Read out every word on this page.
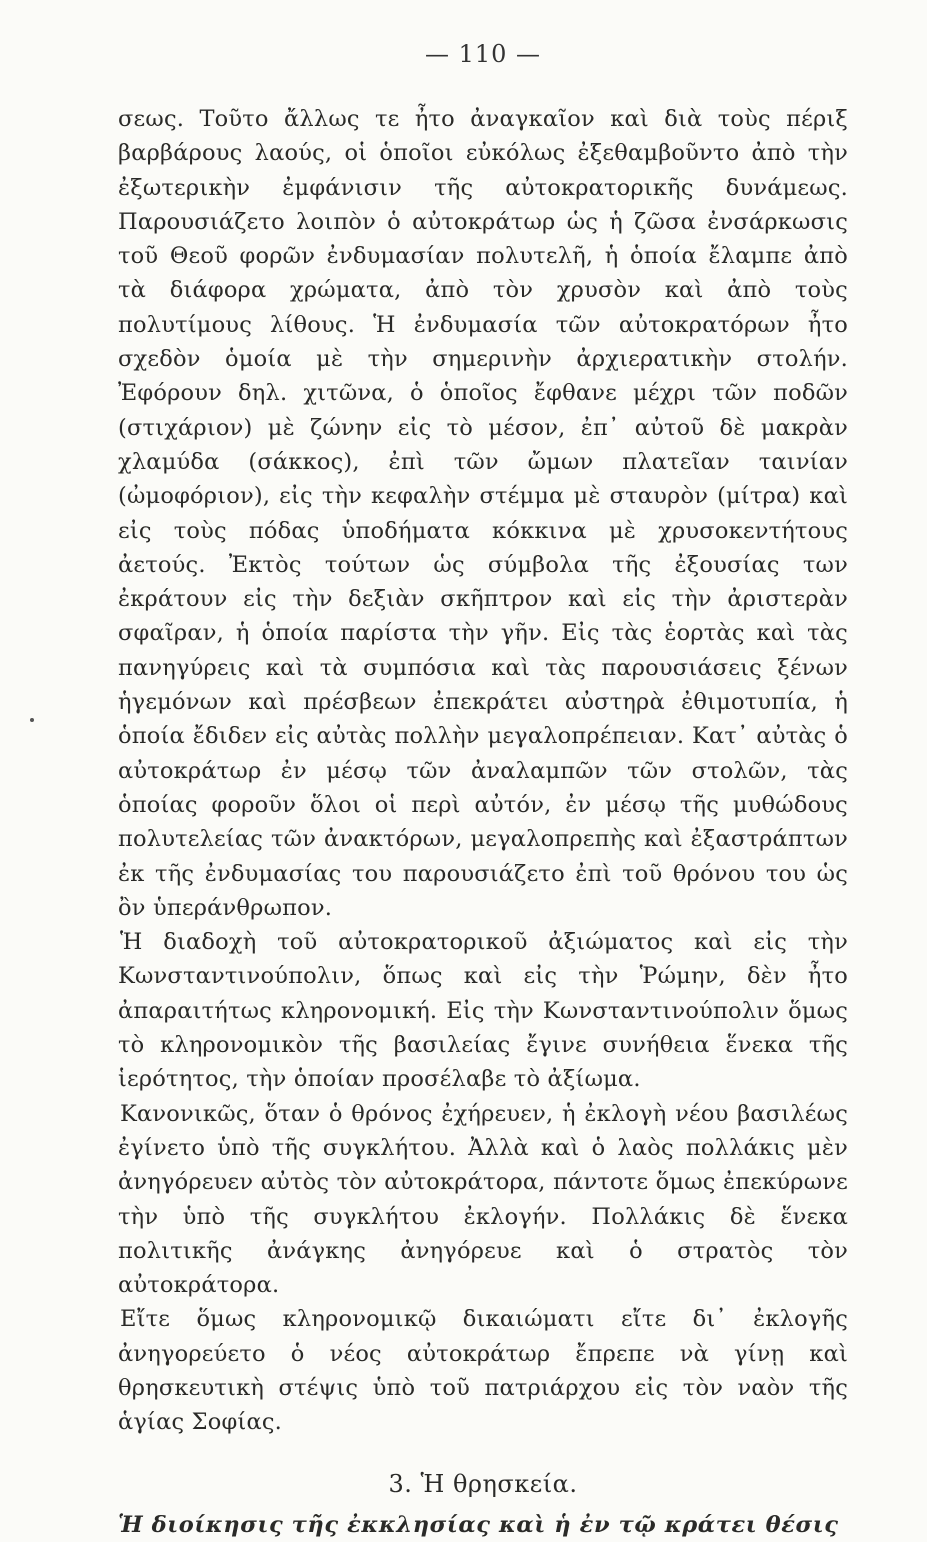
— 110 —

σεως. Τοῦτο ἄλλως τε ἦτο ἀναγκαῖον καὶ διὰ τοὺς πέριξ βαρβάρους λαούς, οἱ ὁποῖοι εὐκόλως ἐξεθαμβοῦντο ἀπὸ τὴν ἐξωτερικὴν ἐμφάνισιν τῆς αὐτοκρατορικῆς δυνάμεως. Παρουσιάζετο λοιπὸν ὁ αὐτοκράτωρ ὡς ἡ ζῶσα ἐνσάρκωσις τοῦ Θεοῦ φορῶν ἐνδυμασίαν πολυτελῆ, ἡ ὁποία ἔλαμπε ἀπὸ τὰ διάφορα χρώματα, ἀπὸ τὸν χρυσὸν καὶ ἀπὸ τοὺς πολυτίμους λίθους. Ἡ ἐνδυμασία τῶν αὐτοκρατόρων ἦτο σχεδὸν ὁμοία μὲ τὴν σημερινὴν ἀρχιερατικὴν στολήν. Ἐφόρουν δηλ. χιτῶνα, ὁ ὁποῖος ἔφθανε μέχρι τῶν ποδῶν (στιχάριον) μὲ ζώνην εἰς τὸ μέσον, ἐπ᾽ αὐτοῦ δὲ μακρὰν χλαμύδα (σάκκος), ἐπὶ τῶν ὤμων πλατεῖαν ταινίαν (ὠμοφόριον), εἰς τὴν κεφαλὴν στέμμα μὲ σταυρὸν (μίτρα) καὶ εἰς τοὺς πόδας ὑποδήματα κόκκινα μὲ χρυσοκεντήτους ἀετούς. Ἐκτὸς τούτων ὡς σύμβολα τῆς ἐξουσίας των ἐκράτουν εἰς τὴν δεξιὰν σκῆπτρον καὶ εἰς τὴν ἀριστερὰν σφαῖραν, ἡ ὁποία παρίστα τὴν γῆν. Εἰς τὰς ἑορτὰς καὶ τὰς πανηγύρεις καὶ τὰ συμπόσια καὶ τὰς παρουσιάσεις ξένων ἡγεμόνων καὶ πρέσβεων ἐπεκράτει αὐστηρὰ ἐθιμοτυπία, ἡ ὁποία ἔδιδεν εἰς αὐτὰς πολλὴν μεγαλοπρέπειαν. Κατ᾽ αὐτὰς ὁ αὐτοκράτωρ ἐν μέσῳ τῶν ἀναλαμπῶν τῶν στολῶν, τὰς ὁποίας φοροῦν ὅλοι οἱ περὶ αὐτόν, ἐν μέσῳ τῆς μυθώδους πολυτελείας τῶν ἀνακτόρων, μεγαλοπρεπὴς καὶ ἐξαστράπτων ἐκ τῆς ἐνδυμασίας του παρουσιάζετο ἐπὶ τοῦ θρόνου του ὡς ὂν ὑπεράνθρωπον.

Ἡ διαδοχὴ τοῦ αὐτοκρατορικοῦ ἀξιώματος καὶ εἰς τὴν Κωνσταντινούπολιν, ὅπως καὶ εἰς τὴν Ῥώμην, δὲν ἦτο ἀπαραιτήτως κληρονομική. Εἰς τὴν Κωνσταντινούπολιν ὅμως τὸ κληρονομικὸν τῆς βασιλείας ἔγινε συνήθεια ἕνεκα τῆς ἱερότητος, τὴν ὁποίαν προσέλαβε τὸ ἀξίωμα.

Κανονικῶς, ὅταν ὁ θρόνος ἐχήρευεν, ἡ ἐκλογὴ νέου βασιλέως ἐγίνετο ὑπὸ τῆς συγκλήτου. Ἀλλὰ καὶ ὁ λαὸς πολλάκις μὲν ἀνηγόρευεν αὐτὸς τὸν αὐτοκράτορα, πάντοτε ὅμως ἐπεκύρωνε τὴν ὑπὸ τῆς συγκλήτου ἐκλογήν. Πολλάκις δὲ ἕνεκα πολιτικῆς ἀνάγκης ἀνηγόρευε καὶ ὁ στρατὸς τὸν αὐτοκράτορα.

Εἴτε ὅμως κληρονομικῷ δικαιώματι εἴτε δι᾽ ἐκλογῆς ἀνηγορεύετο ὁ νέος αὐτοκράτωρ ἔπρεπε νὰ γίνῃ καὶ θρησκευτικὴ στέψις ὑπὸ τοῦ πατριάρχου εἰς τὸν ναὸν τῆς ἁγίας Σοφίας.

3. Ἡ θρησκεία.

Ἡ διοίκησις τῆς ἐκκλησίας καὶ ἡ ἐν τῷ κράτει θέσις
